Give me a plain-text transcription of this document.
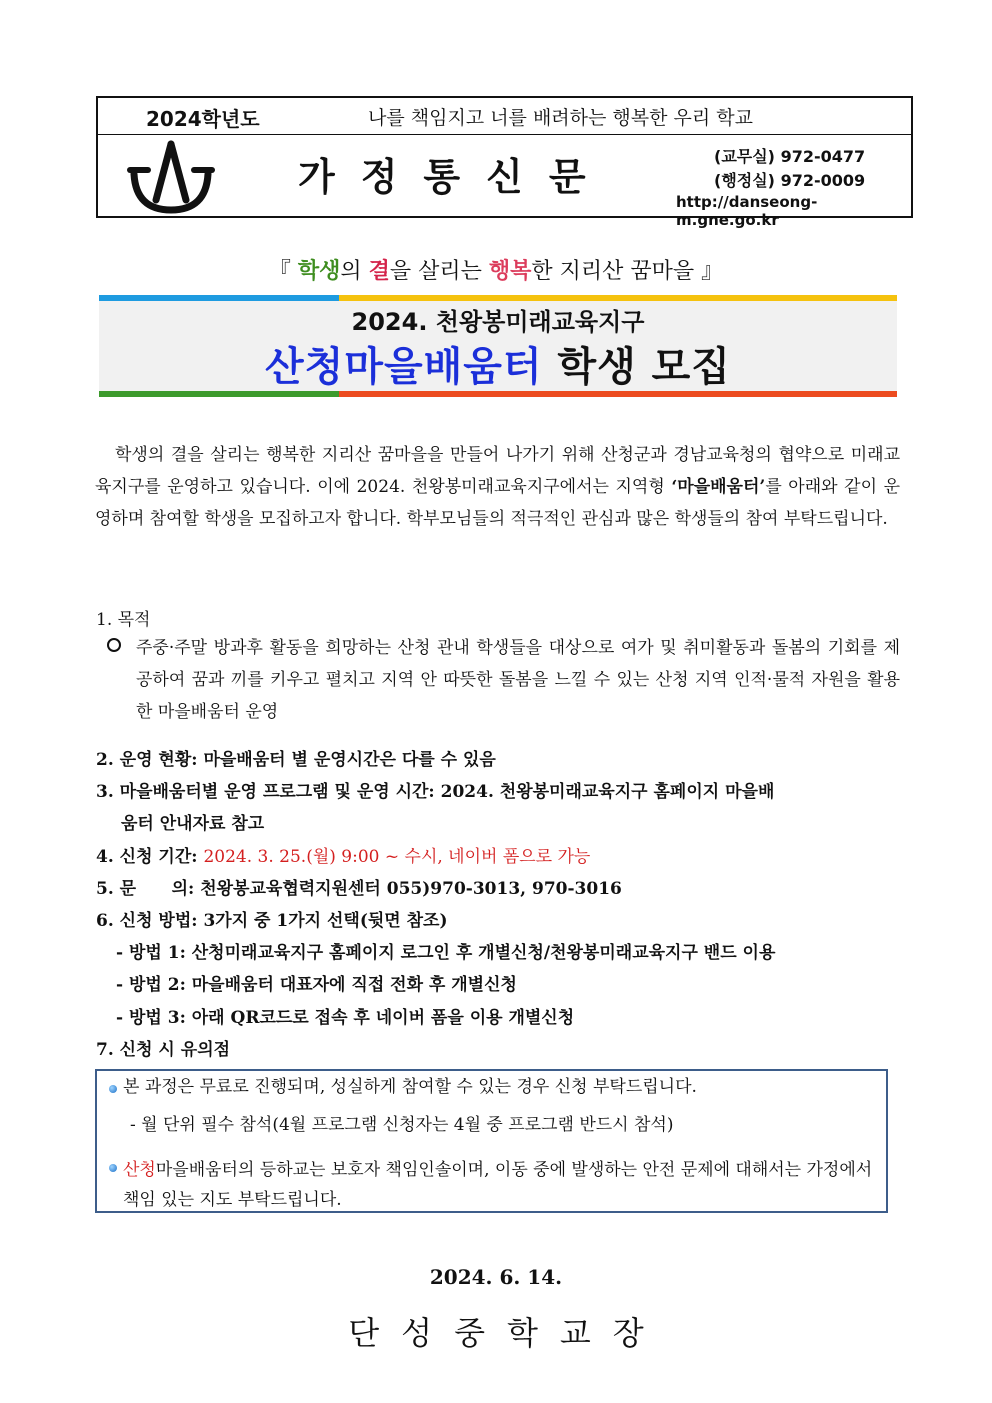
2024학년도	나를 책임지고 너를 배려하는 행복한 우리 학교
가정통신문	(교무실) 972-0477
(행정실) 972-0009
http://danseong-m.gne.go.kr
『 학생의 결을 살리는 행복한 지리산 꿈마을 』
2024. 천왕봉미래교육지구
산청마을배움터 학생 모집
학생의 결을 살리는 행복한 지리산 꿈마을을 만들어 나가기 위해 산청군과 경남교육청의 협약으로 미래교육지구를 운영하고 있습니다. 이에 2024. 천왕봉미래교육지구에서는 지역형 ‘마을배움터’를 아래와 같이 운영하며 참여할 학생을 모집하고자 합니다. 학부모님들의 적극적인 관심과 많은 학생들의 참여 부탁드립니다.
1. 목적
주중·주말 방과후 활동을 희망하는 산청 관내 학생들을 대상으로 여가 및 취미활동과 돌봄의 기회를 제공하여 꿈과 끼를 키우고 펼치고 지역 안 따뜻한 돌봄을 느낄 수 있는 산청 지역 인적·물적 자원을 활용한 마을배움터 운영
2. 운영 현황: 마을배움터 별 운영시간은 다를 수 있음
3. 마을배움터별 운영 프로그램 및 운영 시간: 2024. 천왕봉미래교육지구 홈페이지 마을배
움터 안내자료 참고
4. 신청 기간: 2024. 3. 25.(월) 9:00 ~ 수시, 네이버 폼으로 가능
5. 문      의: 천왕봉교육협력지원센터 055)970-3013, 970-3016
6. 신청 방법: 3가지 중 1가지 선택(뒷면 참조)
- 방법 1: 산청미래교육지구 홈페이지 로그인 후 개별신청/천왕봉미래교육지구 밴드 이용
- 방법 2: 마을배움터 대표자에 직접 전화 후 개별신청
- 방법 3: 아래 QR코드로 접속 후 네이버 폼을 이용 개별신청
7. 신청 시 유의점
본 과정은 무료로 진행되며, 성실하게 참여할 수 있는 경우 신청 부탁드립니다.
- 월 단위 필수 참석(4월 프로그램 신청자는 4월 중 프로그램 반드시 참석)
산청마을배움터의 등하교는 보호자 책임인솔이며, 이동 중에 발생하는 안전 문제에 대해서는 가정에서 책임 있는 지도 부탁드립니다.
2024. 6. 14.
단성중학교장
